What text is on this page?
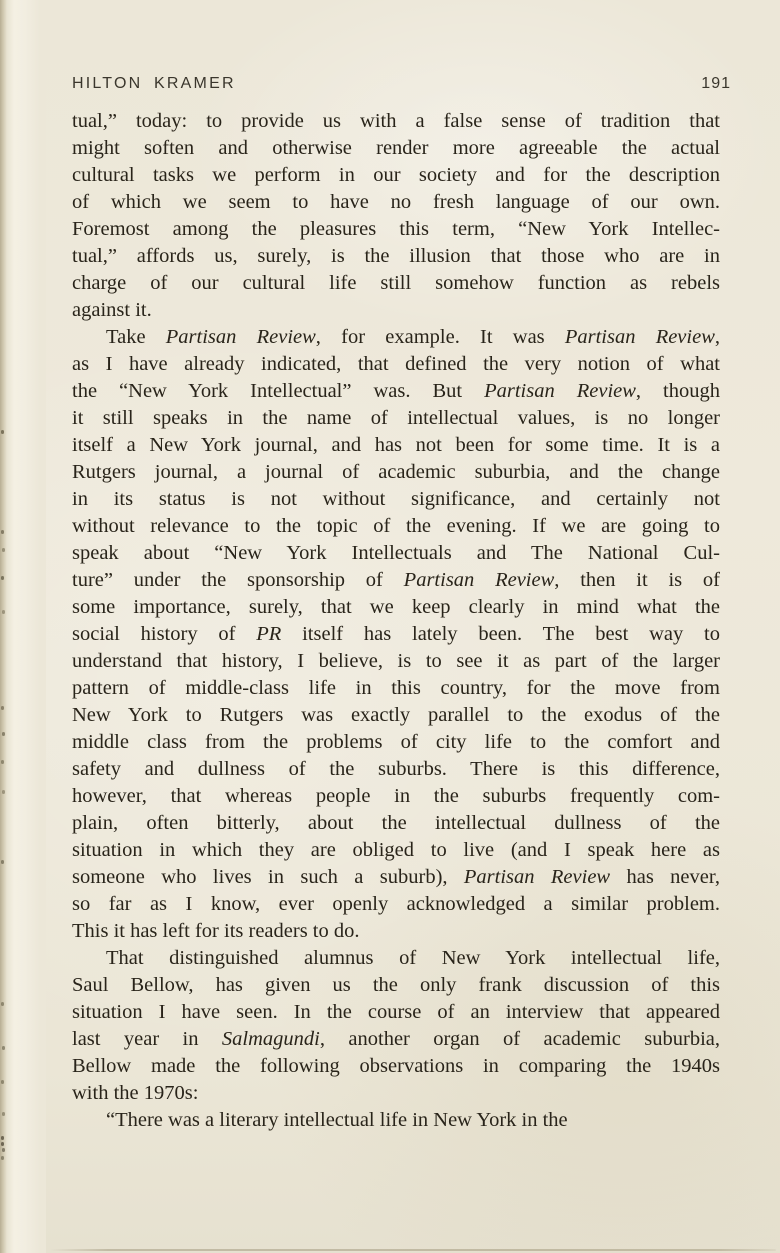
HILTON KRAMER	191
tual,” today: to provide us with a false sense of tradition that
might soften and otherwise render more agreeable the actual
cultural tasks we perform in our society and for the description
of which we seem to have no fresh language of our own.
Foremost among the pleasures this term, “New York Intellec-
tual,” affords us, surely, is the illusion that those who are in
charge of our cultural life still somehow function as rebels
against it.
Take Partisan Review, for example. It was Partisan Review,
as I have already indicated, that defined the very notion of what
the “New York Intellectual” was. But Partisan Review, though
it still speaks in the name of intellectual values, is no longer
itself a New York journal, and has not been for some time. It is a
Rutgers journal, a journal of academic suburbia, and the change
in its status is not without significance, and certainly not
without relevance to the topic of the evening. If we are going to
speak about “New York Intellectuals and The National Cul-
ture” under the sponsorship of Partisan Review, then it is of
some importance, surely, that we keep clearly in mind what the
social history of PR itself has lately been. The best way to
understand that history, I believe, is to see it as part of the larger
pattern of middle-class life in this country, for the move from
New York to Rutgers was exactly parallel to the exodus of the
middle class from the problems of city life to the comfort and
safety and dullness of the suburbs. There is this difference,
however, that whereas people in the suburbs frequently com-
plain, often bitterly, about the intellectual dullness of the
situation in which they are obliged to live (and I speak here as
someone who lives in such a suburb), Partisan Review has never,
so far as I know, ever openly acknowledged a similar problem.
This it has left for its readers to do.
That distinguished alumnus of New York intellectual life,
Saul Bellow, has given us the only frank discussion of this
situation I have seen. In the course of an interview that appeared
last year in Salmagundi, another organ of academic suburbia,
Bellow made the following observations in comparing the 1940s
with the 1970s:
“There was a literary intellectual life in New York in the
